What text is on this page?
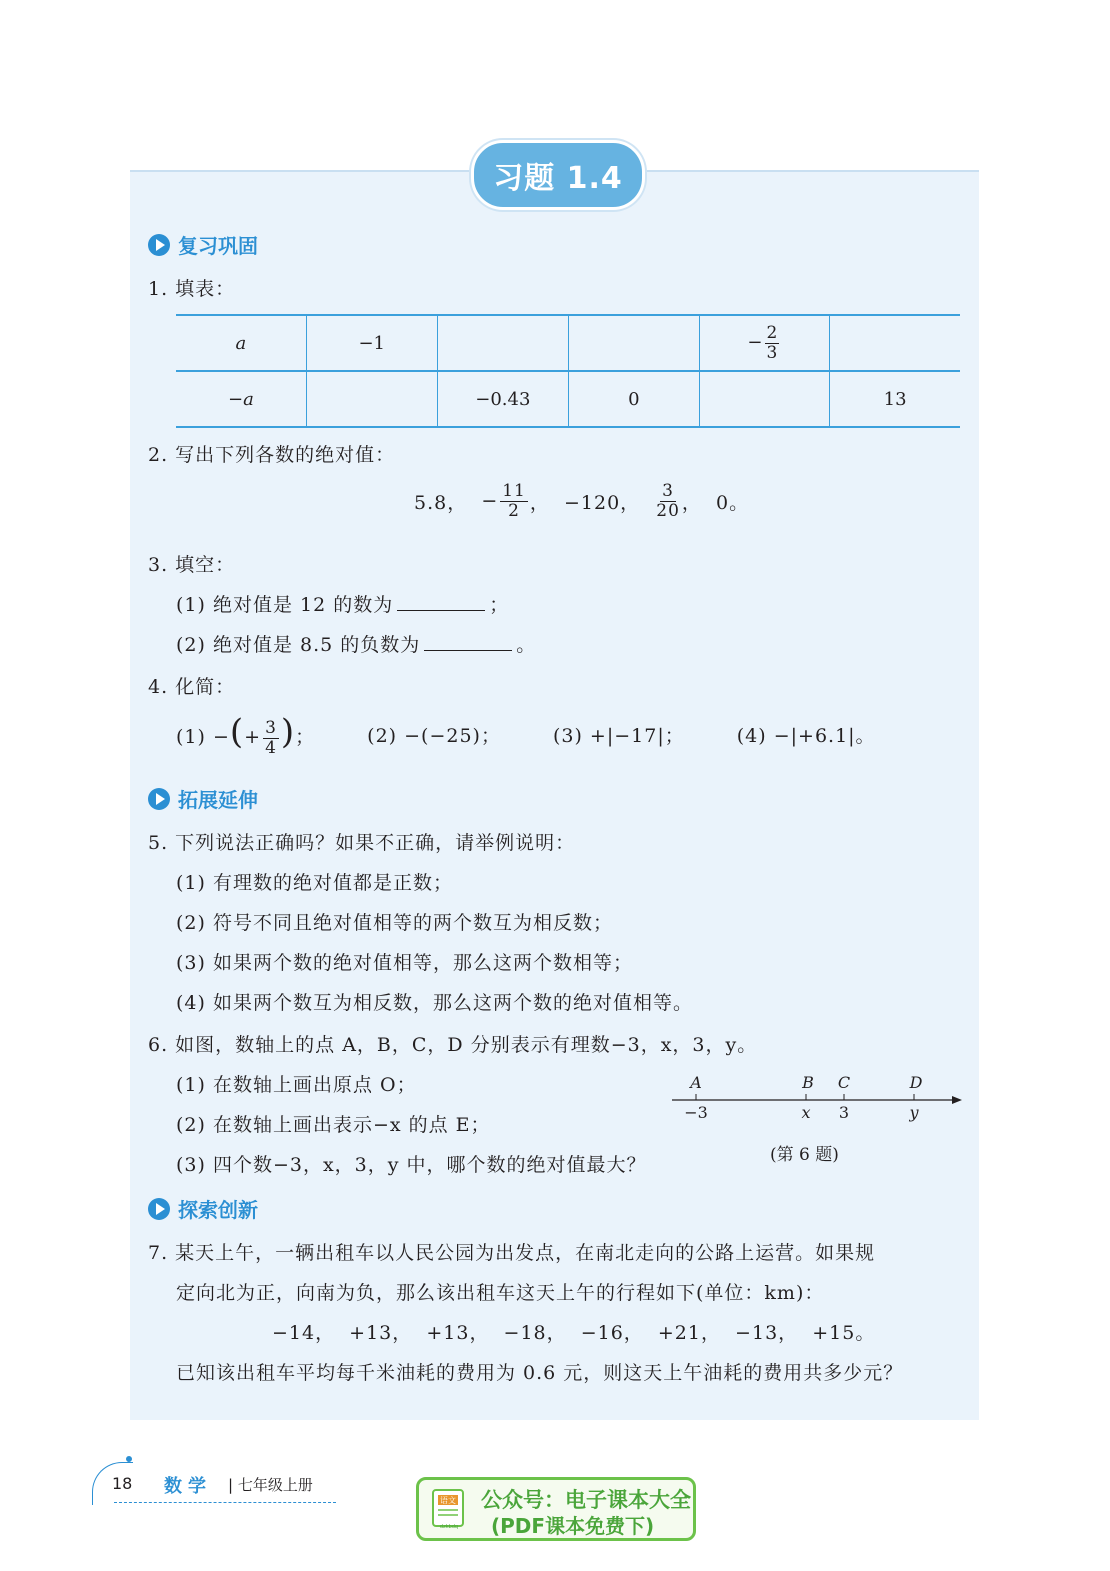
习题 1.4
复习巩固
1. 填表：
a	−1			− $\frac{2}{3}$

−a		−0.43	0		13
2. 写出下列各数的绝对值：
5.8，
− $\frac{11}{2}$ ，
−120，
$\frac{3}{20}$ ，
0。
3. 填空：
(1) 绝对值是 12 的数为	；
(2) 绝对值是 8.5 的负数为	。
4. 化简：
(1) −(+ $\frac{3}{4}$ )；	(2) −(−25)；	(3) +|−17|；	(4) −|+6.1|。
拓展延伸
5. 下列说法正确吗？如果不正确，请举例说明：
(1) 有理数的绝对值都是正数；
(2) 符号不同且绝对值相等的两个数互为相反数；
(3) 如果两个数的绝对值相等，那么这两个数相等；
(4) 如果两个数互为相反数，那么这两个数的绝对值相等。
6. 如图，数轴上的点 A，B，C，D 分别表示有理数−3，x，3，y。
(1) 在数轴上画出原点 O；
(2) 在数轴上画出表示−x 的点 E；
(3) 四个数−3，x，3，y 中，哪个数的绝对值最大？
A
−3
B
x
C
3
D
y
(第 6 题)
探索创新
7. 某天上午，一辆出租车以人民公园为出发点，在南北走向的公路上运营。如果规
定向北为正，向南为负，那么该出租车这天上午的行程如下(单位：km)：
−14，  +13，  +13，  −18，  −16，  +21，  −13，  +15。
已知该出租车平均每千米油耗的费用为 0.6 元，则这天上午油耗的费用共多少元？
18 数学 | 七年级上册
语文
dzkbdq
公众号：电子课本大全
(PDF课本免费下)
